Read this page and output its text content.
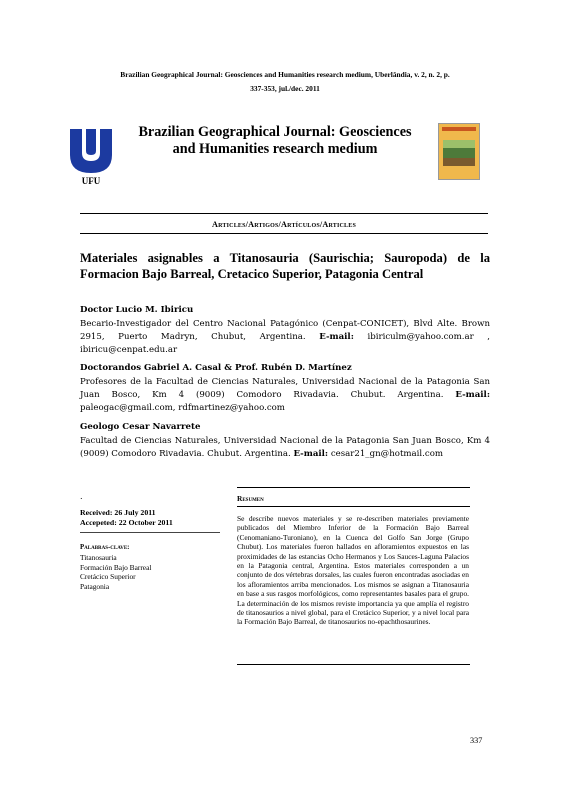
Brazilian Geographical Journal: Geosciences and Humanities research medium, Uberlândia, v. 2, n. 2, p.
337-353, jul./dec. 2011
UFU
Brazilian Geographical Journal: Geosciences and Humanities research medium
Articles/Artigos/Artículos/Articles
Materiales asignables a Titanosauria (Saurischia; Sauropoda) de la Formacion Bajo Barreal, Cretacico Superior, Patagonia Central
Doctor Lucio M. Ibiricu
Becario-Investigador del Centro Nacional Patagónico (Cenpat-CONICET), Blvd Alte. Brown 2915, Puerto Madryn, Chubut, Argentina. E-mail: ibiriculm@yahoo.com.ar , ibiricu@cenpat.edu.ar
Doctorandos Gabriel A. Casal & Prof. Rubén D. Martínez
Profesores de la Facultad de Ciencias Naturales, Universidad Nacional de la Patagonia San Juan Bosco, Km 4 (9009) Comodoro Rivadavia. Chubut. Argentina. E-mail: paleogac@gmail.com, rdfmartinez@yahoo.com
Geologo Cesar Navarrete
Facultad de Ciencias Naturales, Universidad Nacional de la Patagonia San Juan Bosco, Km 4 (9009) Comodoro Rivadavia. Chubut. Argentina. E-mail: cesar21_gn@hotmail.com
.
Received: 26 July 2011
Accepeted: 22 October 2011
Palabras-clave:
Titanosauria
Formación Bajo Barreal
Cretácico Superior
Patagonia
Resumen
Se describe nuevos materiales y se re-describen materiales previamente publicados del Miembro Inferior de la Formación Bajo Barreal (Cenomaniano-Turoniano), en la Cuenca del Golfo San Jorge (Grupo Chubut). Los materiales fueron hallados en afloramientos expuestos en las proximidades de las estancias Ocho Hermanos y Los Sauces-Laguna Palacios en la Patagonia central, Argentina. Estos materiales corresponden a un conjunto de dos vértebras dorsales, las cuales fueron encontradas asociadas en los afloramientos arriba mencionados. Los mismos se asignan a Titanosauria en base a sus rasgos morfológicos, como representantes basales para el grupo. La determinación de los mismos reviste importancia ya que amplía el registro de titanosaurios a nivel global, para el Cretácico Superior, y a nivel local para la Formación Bajo Barreal, de titanosaurios no-epachthosaurines.
337
